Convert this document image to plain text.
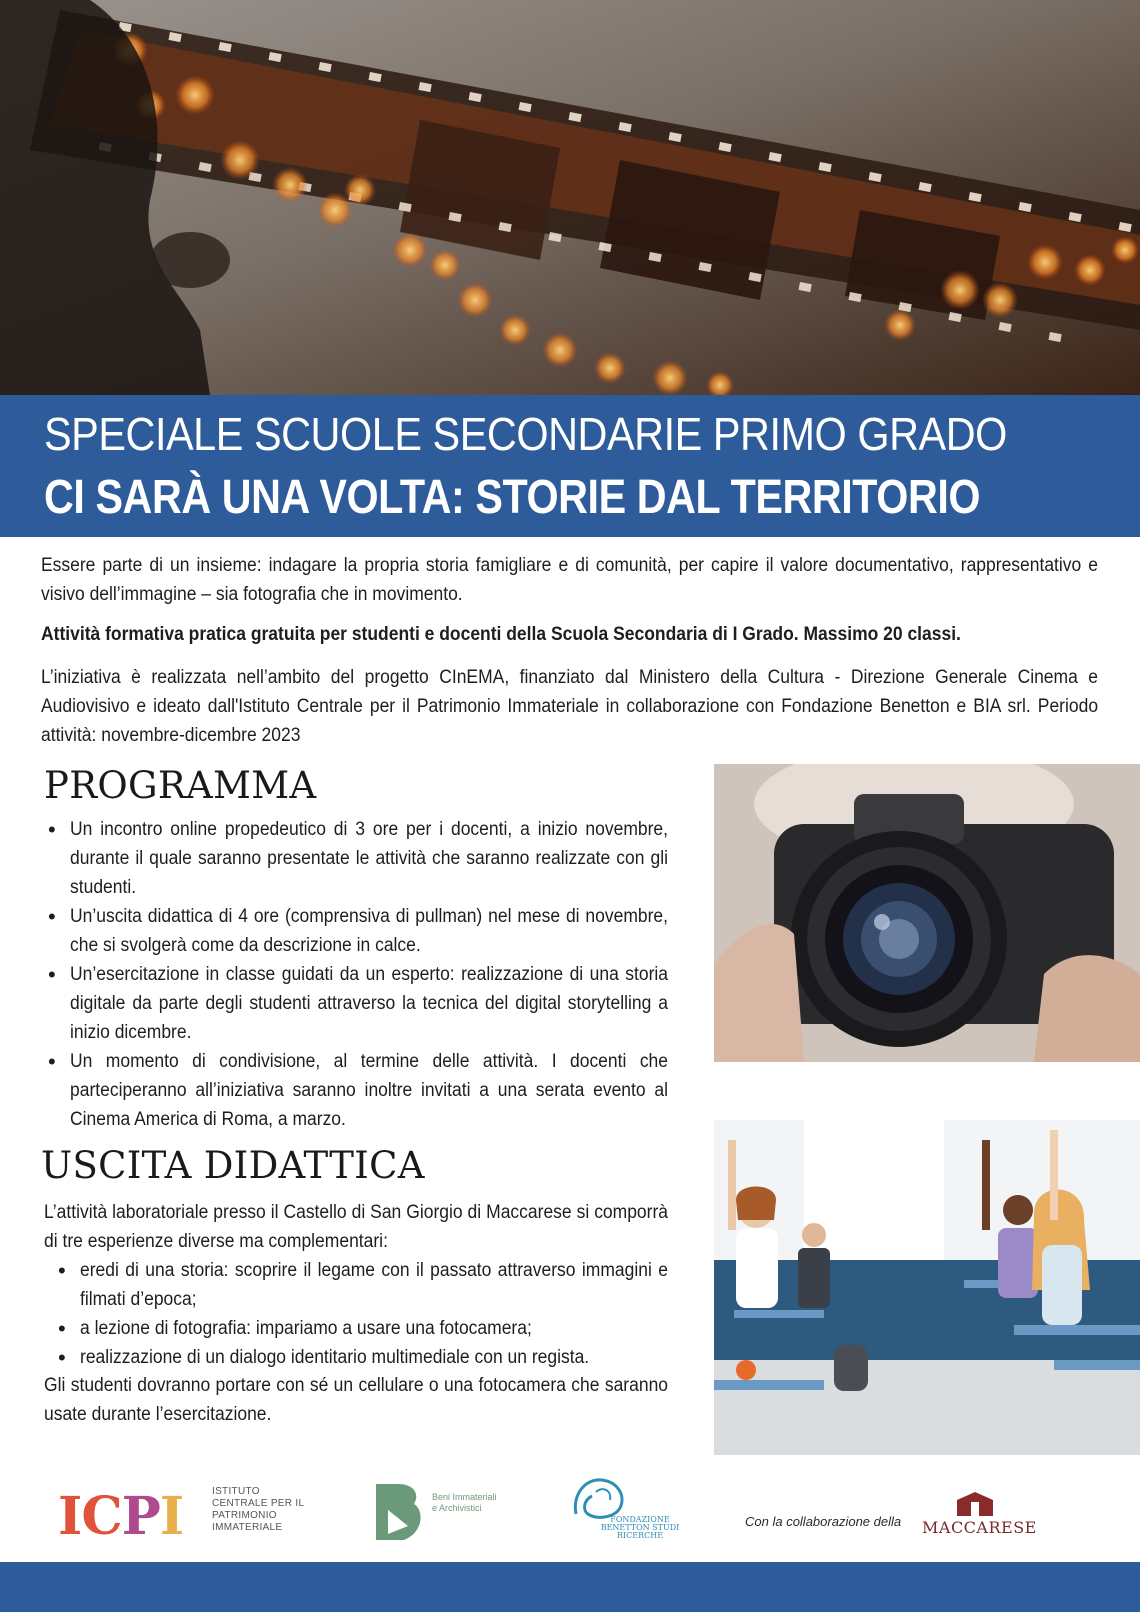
SPECIALE SCUOLE SECONDARIE PRIMO GRADO
CI SARÀ UNA VOLTA: STORIE DAL TERRITORIO
Essere parte di un insieme: indagare la propria storia famigliare e di comunità, per capire il valore documentativo, rappresentativo e visivo dell’immagine – sia fotografia che in movimento.
Attività formativa pratica gratuita per studenti e docenti della Scuola Secondaria di I Grado. Massimo 20 classi.
L’iniziativa è realizzata nell’ambito del progetto CInEMA, finanziato dal Ministero della Cultura - Direzione Generale Cinema e Audiovisivo e ideato dall'Istituto Centrale per il Patrimonio Immateriale in collaborazione con Fondazione Benetton e BIA srl. Periodo attività: novembre-dicembre 2023
PROGRAMMA
• Un incontro online propedeutico di 3 ore per i docenti, a inizio novembre, durante il quale saranno presentate le attività che saranno realizzate con gli studenti.
• Un’uscita didattica di 4 ore (comprensiva di pullman) nel mese di novembre, che si svolgerà come da descrizione in calce.
• Un’esercitazione in classe guidati da un esperto: realizzazione di una storia digitale da parte degli studenti attraverso la tecnica del digital storytelling a inizio dicembre.
• Un momento di condivisione, al termine delle attività. I docenti che parteciperanno all’iniziativa saranno inoltre invitati a una serata evento al Cinema America di Roma, a marzo.
USCITA DIDATTICA
L’attività laboratoriale presso il Castello di San Giorgio di Maccarese si comporrà di tre esperienze diverse ma complementari:
• eredi di una storia: scoprire il legame con il passato attraverso immagini e filmati d’epoca;
• a lezione di fotografia: impariamo a usare una fotocamera;
• realizzazione di un dialogo identitario multimediale con un regista.
Gli studenti dovranno portare con sé un cellulare o una fotocamera che saranno usate durante l’esercitazione.
ICPI	ISTITUTO CENTRALE PER IL PATRIMONIO IMMATERIALE
Beni Immateriali e Archivistici
FONDAZIONE BENETTON STUDI RICERCHE
Con la collaborazione della MACCARESE
